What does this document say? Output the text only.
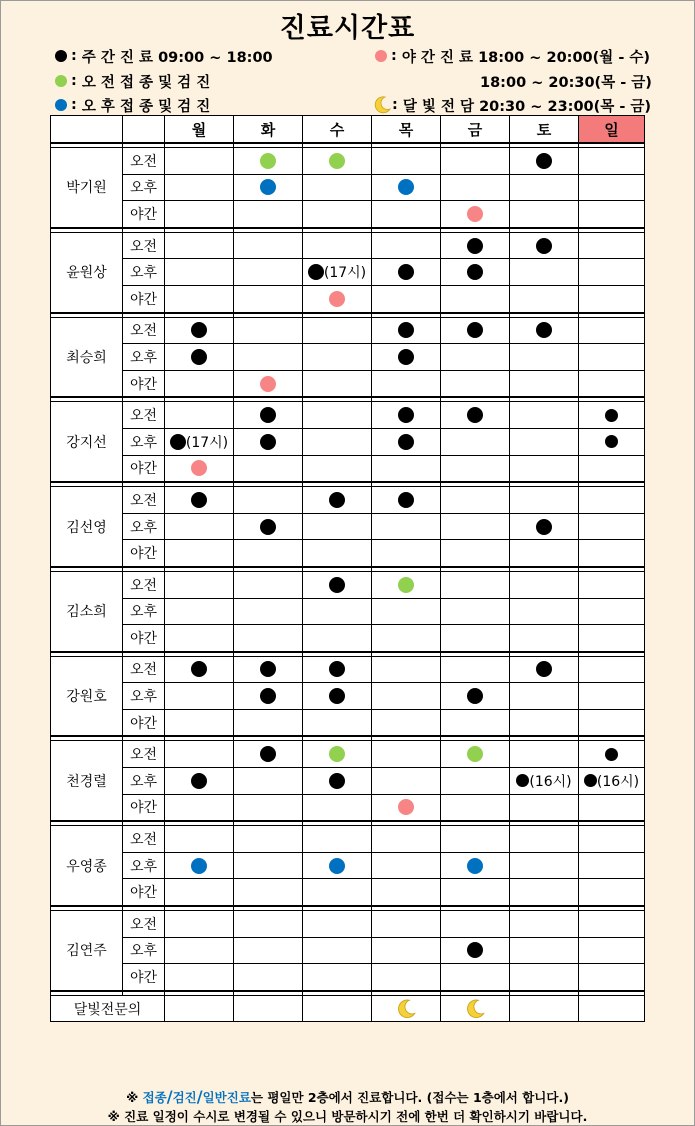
진료시간표
: 주 간 진 료 09:00 ~ 18:00
: 오 전 접 종 및 검 진
: 오 후 접 종 및 검 진
: 야 간 진 료 18:00 ~ 20:00(월 - 수)
18:00 ~ 20:30(목 - 금)
: 달 빛 전 담 20:30 ~ 23:00(목 - 금)
		월	화	수	목	금	토	일

박기원	오전							
	오후							
	야간							

윤원상	오전							
	오후			(17시)				
	야간							

최승희	오전							
	오후							
	야간							

강지선	오전							
	오후	(17시)						
	야간							

김선영	오전							
	오후							
	야간							

김소희	오전							
	오후							
	야간							

강원호	오전							
	오후							
	야간							

천경렬	오전							
	오후						(16시)	(16시)
	야간							

우영종	오전							
	오후							
	야간							

김연주	오전							
	오후							
	야간							

달빛전문의							
※ 접종/검진/일반진료는 평일만 2층에서 진료합니다. (접수는 1층에서 합니다.)
※ 진료 일정이 수시로 변경될 수 있으니 방문하시기 전에 한번 더 확인하시기 바랍니다.
